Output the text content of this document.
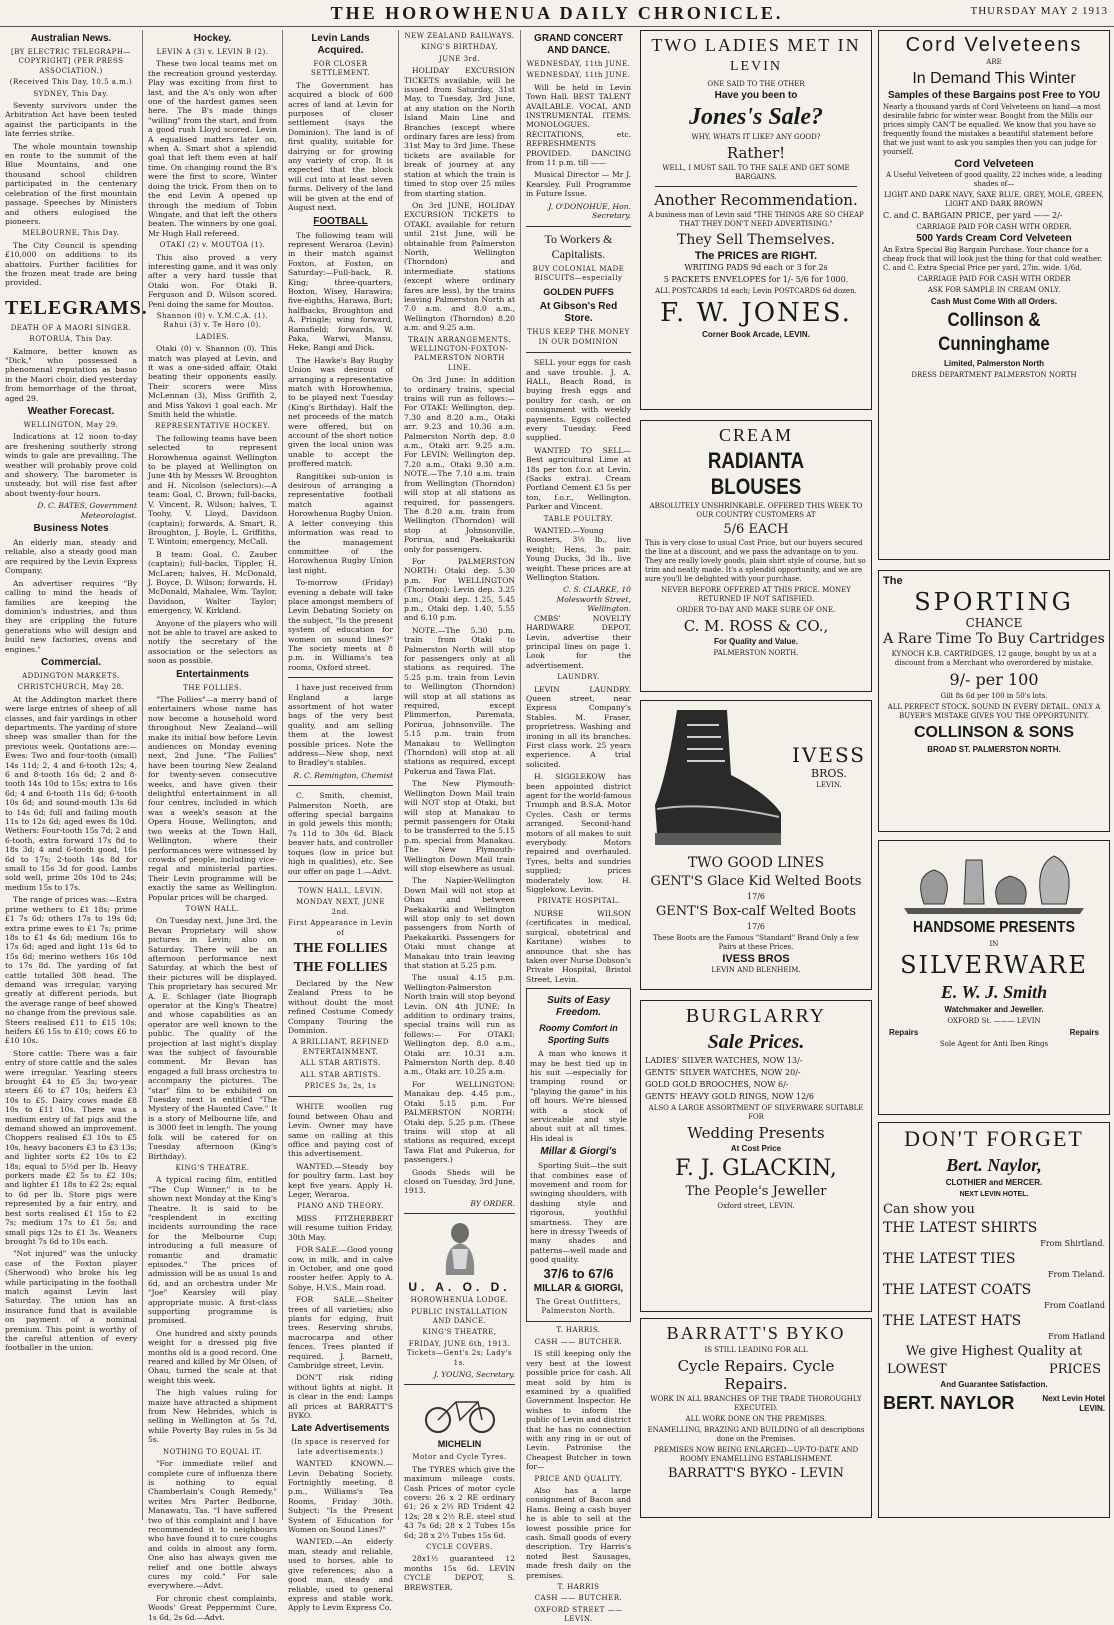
THE HOROWHENUA DAILY CHRONICLE.	THURSDAY MAY 2 1913
Australian News.
[BY ELECTRIC TELEGRAPH—COPYRIGHT] (PER PRESS ASSOCIATION.)
(Received This Day, 10.5 a.m.)
SYDNEY, This Day.

Seventy survivors under the Arbitration Act have been tested against the participants in the late ferries strike.

The whole mountain township en route to the summit of the Blue Mountains, and one thousand school children participated in the centenary celebration of the first mountain passage. Speeches by Ministers and others eulogised the pioneers.

MELBOURNE, This Day.

The City Council is spending £10,000 on additions to its abattoirs. Further facilities for the frozen meat trade are being provided.

TELEGRAMS.
DEATH OF A MAORI SINGER.
ROTORUA, This Day.

Kalmore, better known as "Dick," who possessed a phenomenal reputation as basso in the Maori choir, died yesterday from hemorrhage of the throat, aged 29.

Weather Forecast.
WELLINGTON, May 29.

Indications at 12 noon to-day are freshening southerly strong winds to gale are prevailing. The weather will probably prove cold and showery. The barometer is unsteady, but will rise fast after about twenty-four hours.

D. C. BATES, Government Meteorologist.
Business Notes

An elderly man, steady and reliable, also a steady good man are required by the Levin Express Company.

An advertiser requires "By calling to mind the heads of families are keeping the dominion's industries, and thus they are crippling the future generations who will design and build new factories, ovens and engines."

Commercial.
ADDINGTON MARKETS.
CHRISTCHURCH, May 28.

At the Addington market there were large entries of sheep of all classes, and fair yardings in other departments. The yarding of store sheep was smaller than for the previous week. Quotations are:— Ewes: Two and four-tooth (small) 14s 11d; 2, 4 and 6-tooth 12s; 4, 6 and 8-tooth 16s 6d; 2 and 8-tooth 14s 10d to 15s; extra to 16s 6d; 4 and 6-tooth 11s 6d; 6-tooth 10s 6d; and sound-mouth 13s 6d to 14s 6d; full and failing mouth 11s to 12s 6d; aged ewes 8s 10d. Wethers: Four-tooth 15s 7d; 2 and 6-tooth, extra forward 17s 8d to 18s 3d; 4 and 6-tooth good, 16s 6d to 17s; 2-tooth 14s 8d for small to 15s 3d for good. Lambs sold well, prime 20s 10d to 24s; medium 15s to 17s.

The range of prices was:—Extra prime wethers to £1 18s; prime £1 7s 6d; others 17s to 19s 6d; extra prime ewes to £1 7s; prime 18s to £1 4s 6d; medium 16s to 17s 6d; aged and light 11s 6d to 15s 6d; merino wethers 16s 10d to 17s 8d. The yarding of fat cattle totalled 308 head. The demand was irregular, varying greatly at different periods, but the average range of beef showed no change from the previous sale. Steers realised £11 to £15 10s; heifers £6 15s to £10; cows £6 to £10 10s.

Store cattle: There was a fair entry of store cattle and the sales were irregular. Yearling steers brought £4 to £5 3s; two-year steers £6 to £7 10s; heifers £3 10s to £5. Dairy cows made £8 10s to £11 10s. There was a medium entry of fat pigs and the demand showed an improvement. Choppers realised £3 10s to £5 10s, heavy baconers £3 to £3 13s; and lighter sorts £2 10s to £2 18s; equal to 5½d per lb. Heavy porkers made £2 5s to £2 10s; and lighter £1 18s to £2 2s; equal to 6d per lb. Store pigs were represented by a fair entry, and best sorts realised £1 15s to £2 7s; medium 17s to £1 5s; and small pigs 12s to £1 3s. Weaners brought 7s 6d to 10s each.

"Not injured" was the unlucky case of the Foxton player (Sherwood) who broke his leg while participating in the football match against Levin last Saturday. The union has an insurance fund that is available on payment of a nominal premium. This point is worthy of the careful attention of every footballer in the union.

Hockey.
LEVIN A (3) v. LEVIN B (2).

These two local teams met on the recreation ground yesterday. Play was exciting from first to last, and the A's only won after one of the hardest games seen here. The B's made things "willing" from the start, and from a good rush Lloyd scored. Levin A equalised matters later on, when A. Smart shot a splendid goal that left them even at half time. On changing round the B's were the first to score, Winter doing the trick. From then on to the end Levin A opened up through the medium of Tobin Wingate, and that left the others beaten. The winners by one goal. Mr Hugh Hall refereed.

OTAKI (2) v. MOUTOA (1).

This also proved a very interesting game, and it was only after a very hard tussle that Otaki won. For Otaki B. Ferguson and D. Wilson scored. Peni doing the same for Moutoa.

Shannon (0) v. Y.M.C.A. (1). Rahui (3) v. Te Horo (0).
LADIES.

Otaki (0) v. Shannon (0). This match was played at Levin, and it was a one-sided affair, Otaki beating their opponents easily. Their scorers were Miss McLennan (3), Miss Griffith 2, and Miss Yakovi 1 goal each. Mr Smith held the whistle.

REPRESENTATIVE HOCKEY.

The following teams have been selected to represent Horowhenua against Wellington to be played at Wellington on June 4th by Messrs W. Broughton and H. Nicolson (selectors):—A team: Goal, C. Brown; full-backs, V. Vincent, R. Wilson; halves, T. Toohy, V. Lloyd, Davidson (captain); forwards, A. Smart, R. Broughton, J. Boyle, L. Griffiths, T. Wintoin; emergency, McCall.

B team: Goal, C. Zauber (captain); full-backs, Tippler, H. McLaren; halves, H. McDonald, J. Boyce, D. Wilson; forwards, H. McDonald, Mahalee, Wm. Taylor, Davidson, Walter Taylor; emergency, W. Kirkland.

Anyone of the players who will not be able to travel are asked to notify the secretary of the association or the selectors as soon as possible.

Entertainments
THE FOLLIES.

"The Follies"—a merry band of entertainers whose name has now become a household word throughout New Zealand—will make its initial bow before Levin audiences on Monday evening next, 2nd June. "The Follies" have been touring New Zealand for twenty-seven consecutive weeks, and have given their delightful entertainment in all four centres, included in which was a week's season at the Opera House, Wellington, and two weeks at the Town Hall, Wellington, where their performances were witnessed by crowds of people, including vice-regal and ministerial parties. Their Levin programme will be exactly the same as Wellington. Popular prices will be charged.

TOWN HALL.

On Tuesday next, June 3rd, the Bevan Proprietary will show pictures in Levin; also on Saturday. There will be an afternoon performance next Saturday, at which the best of their pictures will be displayed. This proprietary has secured Mr A. E. Schlager (late Biograph operator at the King's Theatre) and whose capabilities as an operator are well known to the public. The quality of the projection at last night's display was the subject of favourable comment. Mr Bevan has engaged a full brass orchestra to accompany the pictures. The "star" film to be exhibited on Tuesday next is entitled "The Mystery of the Haunted Cave." It is a story of Melbourne life, and is 3000 feet in length. The young folk will be catered for on Tuesday afternoon (King's Birthday).

KING'S THEATRE.

A typical racing film, entitled "The Cup Winner," is to be shown next Monday at the King's Theatre. It is said to be "resplendent in exciting incidents surrounding the race for the Melbourne Cup; introducing a full measure of romantic and dramatic episodes." The prices of admission will be as usual 1s and 6d, and an orchestra under Mr "Joe" Kearsley will play appropriate music. A first-class supporting programme is promised.

One hundred and sixty pounds weight for a dressed pig five months old is a good record. One reared and killed by Mr Olsen, of Ohau, turned the scale at that weight this week.

The high values ruling for maize have attracted a shipment from New Hebrides, which is selling in Wellington at 5s 7d, while Poverty Bay rules in 5s 3d 5s.

NOTHING TO EQUAL IT.

"For immediate relief and complete cure of influenza there is nothing to equal Chamberlain's Cough Remedy," writes Mrs Parter Bedborne, Manawatu, Tas. "I have suffered two of this complaint and I have recommended it to neighbours who have found it to cure coughs and colds in almost any form. One also has always given me relief and one bottle always cures my cold." For sale everywhere.—Advt.

For chronic chest complaints, Woods' Great Peppermint Cure, 1s 6d, 2s 6d.—Advt.

Levin Lands Acquired.
FOR CLOSER SETTLEMENT.

The Government has acquired a block of 600 acres of land at Levin for purposes of closer settlement (says the Dominion). The land is of first quality, suitable for dairying or for growing any variety of crop. It is expected that the block will cut into at least seven farms. Delivery of the land will be given at the end of August next.

FOOTBALL

The following team will represent Weraroa (Levin) in their match against Foxton, at Foxton, on Saturday:—Full-back, R. King; three-quarters, Boxton, Wisey, Harawira; five-eighths, Harawa, Burt; halfbacks, Broughton and A. Pringle; wing forward, Ramsfield; forwards, W. Paka, Warwi, Mansu, Heke, Rangi and Dick.

The Hawke's Bay Rugby Union was desirous of arranging a representative match with Horowhenua, to be played next Tuesday (King's Birthday). Half the net proceeds of the match were offered, but on account of the short notice given the local union was unable to accept the proffered match.

Rangitikei sub-union is desirous of arranging a representative football match against Horowhenua Rugby Union. A letter conveying this information was read to the management committee of the Horowhenua Rugby Union last night.

To-morrow (Friday) evening a debate will take place amongst members of Levin Debating Society on the subject, "Is the present system of education for women on sound lines?" The society meets at 8 p.m. in Williams's tea rooms, Oxford street.

I have just received from England a large assortment of hot water bags of the very best quality, and am selling them at the lowest possible prices. Note the address—New shop, next to Bradley's stables.

R. C. Remington, Chemist

C. Smith, chemist, Palmerston North, are offering special bargains in gold jewels this month; 7s 11d to 30s 6d. Black beaver hats, and controller toques (low in price but high in qualities), etc. See our offer on page 1.—Advt.

TOWN HALL, LEVIN.
MONDAY NEXT, JUNE 2nd.
First Appearance in Levin of
THE FOLLIES
THE FOLLIES

Declared by the New Zealand Press to be without doubt the most refined Costume Comedy Company Touring the Dominion.

A BRILLIANT, REFINED ENTERTAINMENT.
ALL STAR ARTISTS.
ALL STAR ARTISTS.
PRICES 3s, 2s, 1s

WHITE woollen rug found between Ohau and Levin. Owner may have same on calling at this office and paying cost of this advertisement.

WANTED.—Steady boy for poultry farm. Last boy kept five years. Apply H. Leger, Weraroa.

PIANO AND THEORY.

MISS FITZHERBERT will resume tuition Friday, 30th May.

FOR SALE.—Good young cow, in milk, and in calve in October, and one good rooster heifer. Apply to A. Sobye, H.V.S., Main road.

FOR SALE.—Shelter trees of all varieties; also plants for edging, fruit trees. Reserving shrubs, macrocarpa and other fences. Trees planted if required. J. Barnett, Cambridge street, Levin.

DON'T risk riding without lights at night. It is clear in the end: Lamps all prices at BARRATT'S BYKO.

Late Advertisements
(In space is reserved for late advertisements.)

WANTED KNOWN.—Levin Debating Society. Fortnightly meeting, 8 p.m., Williams's Tea Rooms, Friday 30th. Subject: "Is the Present System of Education for Women on Sound Lines?"

WANTED.—An elderly man, steady and reliable, used to horses, able to give references; also a good man, steady and reliable, used to general express and stable work. Apply to Levin Express Co.

NEW ZEALAND RAILWAYS.
KING'S BIRTHDAY,
JUNE 3rd.

HOLIDAY EXCURSION TICKETS available, will be issued from Saturday, 31st May, to Tuesday, 3rd June, at any station on the North Island Main Line and Branches (except where ordinary fares are less) from 31st May to 3rd June. These tickets are available for break of journey at any station at which the train is timed to stop over 25 miles from starting station.

On 3rd JUNE, HOLIDAY EXCURSION TICKETS to OTAKI, available for return until 21st June, will be obtainable from Palmerston North, Wellington (Thorndon) and intermediate stations (except where ordinary fares are less), by the trains leaving Palmerston North at 7.0 a.m. and 8.0 a.m., Wellington (Thorndon) 8.20 a.m. and 9.25 a.m.

TRAIN ARRANGEMENTS. WELLINGTON-FOXTON-PALMERSTON NORTH LINE.

On 3rd June: In addition to ordinary trains, special trains will run as follows:— For OTAKI: Wellington, dep. 7.30 and 8.20 a.m., Otaki arr. 9.23 and 10.36 a.m. Palmerston North dep. 8.0 a.m., Otaki arr. 9.25 a.m. For LEVIN: Wellington dep. 7.20 a.m., Otaki 9.30 a.m. NOTE.—The 7.10 a.m. train from Wellington (Thorndon) will stop at all stations as required, for passengers. The 8.20 a.m. train from Wellington (Thorndon) will stop at Johnsonville, Porirua, and Paekakariki only for passengers.

For PALMERSTON NORTH: Otaki dep. 5.30 p.m. For WELLINGTON (Thorndon): Levin dep. 3.25 p.m.; Otaki dep. 1.25, 5.45 p.m., Otaki dep. 1.40, 5.55 and 6.10 p.m.

NOTE.—The 5.30 p.m. train from Otaki to Palmerston North will stop for passengers only at all stations as required. The 5.25 p.m. train from Levin to Wellington (Thorndon) will stop at all stations as required, except Plimmerton, Paremata, Porirua, Johnsonville. The 5.15 p.m. train from Manakau to Wellington (Thorndon) will stop at all stations as required, except Pukerua and Tawa Flat.

The New Plymouth-Wellington Down Mail train will NOT stop at Otaki, but will stop at Manakau to permit passengers for Otaki to be transferred to the 5.15 p.m. special from Manakau. The New Plymouth-Wellington Down Mail train will stop elsewhere as usual.

The Napier-Wellington Down Mail will not stop at Ohau and between Paekakariki and Wellington will stop only to set down passengers from North of Paekakariki. Passengers for Otaki must change at Manakau into train leaving that station at 5.25 p.m.

The usual 4.15 p.m. Wellington-Palmerston North train will stop beyond Levin. ON 4th JUNE: In addition to ordinary trains, special trains will run as follows:— For OTAKI: Wellington dep. 8.0 a.m., Otaki arr. 10.31 a.m. Palmerston North dep. 8.40 a.m., Otaki arr. 10.25 a.m.

For WELLINGTON: Manakau dep. 4.45 p.m., Otaki 5.15 p.m. For PALMERSTON NORTH: Otaki dep. 5.25 p.m. (These trains will stop at all stations as required, except Tawa Flat and Pukerua, for passengers.)

Goods Sheds will be closed on Tuesday, 3rd June, 1913.

BY ORDER.
U. A. O. D.
HOROWHENUA LODGE.
PUBLIC INSTALLATION AND DANCE.
KING'S THEATRE,
FRIDAY, JUNE 6th, 1913. Tickets—Gent's 2s; Lady's 1s.
J. YOUNG, Secretary.
MICHELIN
Motor and Cycle Tyres.

The TYRES which give the maximum mileage costs. Cash Prices of motor cycle covers: 26 x 2 RE ordinary 61; 26 x 2½ RD Trident 42 12s; 28 x 2½ R.E. steel stud 43 7s 6d; 28 x 2 Tubes 15s 6d; 28 x 2½ Tubes 15s 6d.

CYCLE COVERS.

28x1½ guaranteed 12 months 15s 6d. LEVIN CYCLE DEPOT, S. BREWSTER.

GRAND CONCERT AND DANCE.
WEDNESDAY, 11th JUNE.
WEDNESDAY, 11th JUNE.

Will be held in Levin Town Hall. BEST TALENT AVAILABLE. VOCAL AND INSTRUMENTAL ITEMS. MONOLOGUES. RECITATIONS, etc. REFRESHMENTS PROVIDED. DANCING from 11 p.m. till ——

Musical Director — Mr J. Kearsley. Full Programme in Future Issue.

J. O'DONOHUE, Hon. Secretary.
To Workers & Capitalists.
BUY COLONIAL MADE BISCUITS—especially
GOLDEN PUFFS
At Gibson's Red Store.
THUS KEEP THE MONEY IN OUR DOMINION

SELL your eggs for cash and save trouble. J. A. HALL, Beach Road, is buying fresh eggs and poultry for cash, or on consignment with weekly payments. Eggs collected every Tuesday. Feed supplied.

WANTED TO SELL—Best agricultural Lime at 18s per ton f.o.r. at Levin. (Sacks extra). Cream Portland Cement £3 5s per ton, f.o.r., Wellington. Parker and Vincent.

TABLE POULTRY.

WANTED.—Young Roosters, 3½ lb., live weight; Hens, 3s pair. Young Ducks, 3d lb., live weight. These prices are at Wellington Station.

C. S. CLARKE, 10 Molesworth Street, Wellington.

CMBS' NOVELTY HARDWARE DEPOT, Levin, advertise their principal lines on page 1. Look for the advertisement.

LAUNDRY.

LEVIN LAUNDRY. Queen street, near Express Company's Stables. M. Fraser, proprietress. Washing and ironing in all its branches. First class work. 25 years experience. A trial solicited.

H. SIGGLEKOW has been appointed district agent for the world-famous Triumph and B.S.A. Motor Cycles. Cash or terms arranged. Second-hand motors of all makes to suit everybody. Motors repaired and overhauled. Tyres, belts and sundries supplied; prices moderately low. H. Sigglekow, Levin.

PRIVATE HOSPITAL.

NURSE WILSON (certificates in medical, surgical, obstetrical and Karitane) wishes to announce that she has taken over Nurse Dobson's Private Hospital, Bristol Street, Levin.

Suits of Easy Freedom.
Roomy Comfort in Sporting Suits

A man who knows it may be best tied up in his suit —especially for tramping round or "playing the game" in his off hours. We're blessed with a stock of serviceable and style about suit at all times. His ideal is

Millar & Giorgi's

Sporting Suit—the suit that combines ease of movement and room for swinging shoulders, with dashing style and rigorous, youthful smartness. They are here in dressy Tweeds of many shades and patterns—well made and good quality.

37/6 to 67/6
MILLAR & GIORGI,
The Great Outfitters, Palmerston North.
T. HARRIS.
CASH —— BUTCHER.

IS still keeping only the very best at the lowest possible price for cash. All meat sold by him is examined by a qualified Government Inspector. He wishes to inform the public of Levin and district that he has no connection with any ring in or out of Levin. Patronise the Cheapest Butcher in town for—

PRICE AND QUALITY.

Also has a large consignment of Bacon and Hams. Being a cash buyer he is able to sell at the lowest possible price for cash. Small goods of every description. Try Harris's noted Best Sausages, made fresh daily on the premises.

T. HARRIS
CASH —— BUTCHER.
OXFORD STREET —— LEVIN.
TWO LADIES MET IN
LEVIN

ONE SAID TO THE OTHER

Have you been to

Jones's Sale?

WHY, WHATS IT LIKE? ANY GOOD?

Rather!

WELL, I MUST SAIL TO THE SALE AND GET SOME BARGAINS.

Another Recommendation.

A business man of Levin said "THE THINGS ARE SO CHEAP THAT THEY DON'T NEED ADVERTISING."

They Sell Themselves.

The PRICES are RIGHT.

WRITING PADS 9d each or 3 for 2s

5 PACKETS ENVELOPES for 1/- 5/6 for 1000.

ALL POSTCARDS 1d each; Levin POSTCARDS 6d dozen.

F. W. JONES.

Corner Book Arcade, LEVIN.

CREAM

RADIANTA BLOUSES

ABSOLUTELY UNSHRINKABLE. OFFERED THIS WEEK TO OUR COUNTRY CUSTOMERS AT

5/6 EACH

This is very close to usual Cost Price, but our buyers secured the line at a discount, and we pass the advantage on to you. They are really lovely goods, plain shirt style of course, but so trim and neatly made. It's a splendid opportunity, and we are sure you'll be delighted with your purchase.

NEVER BEFORE OFFERED AT THIS PRICE. MONEY RETURNED IF NOT SATISFIED.

ORDER TO-DAY AND MAKE SURE OF ONE.

C. M. ROSS & CO.,

For Quality and Value.

PALMERSTON NORTH.

IVESS

BROS.

LEVIN.

TWO GOOD LINES

GENT'S Glace Kid Welted Boots

17/6

GENT'S Box-calf Welted Boots

17/6

These Boots are the Famous "Standard" Brand Only a few Pairs at these Prices.

IVESS BROS

LEVIN AND BLENHEIM.

BURGLARRY

Sale Prices.

LADIES' SILVER WATCHES, NOW 13/-

GENTS' SILVER WATCHES, NOW 20/-

GOLD GOLD BROOCHES, NOW 6/-

GENTS' HEAVY GOLD RINGS, NOW 12/6

ALSO A LARGE ASSORTMENT OF SILVERWARE SUITABLE FOR

Wedding Presents

At Cost Price

F. J. GLACKIN,

The People's Jeweller

Oxford street, LEVIN.

BARRATT'S BYKO

IS STILL LEADING FOR ALL

Cycle Repairs. Cycle Repairs.

WORK IN ALL BRANCHES OF THE TRADE THOROUGHLY EXECUTED.

ALL WORK DONE ON THE PREMISES.

ENAMELLING, BRAZING AND BUILDING of all descriptions done on the Premises.

PREMISES NOW BEING ENLARGED—UP-TO-DATE AND ROOMY ENAMELLING ESTABLISHMENT.

BARRATT'S BYKO - LEVIN

Cord Velveteens

ARE

In Demand This Winter

Samples of these Bargains post Free to YOU

Nearly a thousand yards of Cord Velveteens on hand—a most desirable fabric for winter wear. Bought from the Mills our prices simply CAN'T be equalled. We know that you have so frequently found the mistakes a beautiful statement before that we just want to ask you samples then you can judge for yourself.

Cord Velveteen

A Useful Velveteen of good quality, 22 inches wide, a leading shades of—

LIGHT AND DARK NAVY, SAXE BLUE, GREY, MOLE, GREEN, LIGHT AND DARK BROWN

C. and C. BARGAIN PRICE, per yard —— 2/-

CARRIAGE PAID FOR CASH WITH ORDER.

500 Yards Cream Cord Velveteen

An Extra Special Big Bargain Purchase. Your chance for a cheap frock that will look just the thing for that cold weather. C. and C. Extra Special Price per yard, 27in. wide. 1/6d.

CARRIAGE PAID FOR CASH WITH ORDER

ASK FOR SAMPLE IN CREAM ONLY.

Cash Must Come With all Orders.

Collinson & Cunninghame

Limited, Palmerston North

DRESS DEPARTMENT PALMERSTON NORTH

The

SPORTING

CHANCE

A Rare Time To Buy Cartridges

KYNOCH K.B. CARTRIDGES, 12 gauge, bought by us at a discount from a Merchant who overordered by mistake.

9/- per 100

Gilt 8s 6d per 100 in 50's lots.

ALL PERFECT STOCK. SOUND IN EVERY DETAIL. ONLY A BUYER'S MISTAKE GIVES YOU THE OPPORTUNITY.

COLLINSON & SONS

BROAD ST. PALMERSTON NORTH.

HANDSOME PRESENTS

IN

SILVERWARE

E. W. J. Smith

Watchmaker and Jeweller.

OXFORD St. ——— LEVIN

Repairs	Repairs

Sole Agent for Anti Iben Rings

DON'T FORGET

Bert. Naylor,

CLOTHIER and MERCER.

NEXT LEVIN HOTEL.

Can show you

THE LATEST SHIRTS

From Shirtland.

THE LATEST TIES

From Tieland.

THE LATEST COATS

From Coatland

THE LATEST HATS

From Hatland

We give Highest Quality at

LOWEST	PRICES

And Guarantee Satisfaction.

BERT. NAYLOR	Next Levin Hotel
LEVIN.
